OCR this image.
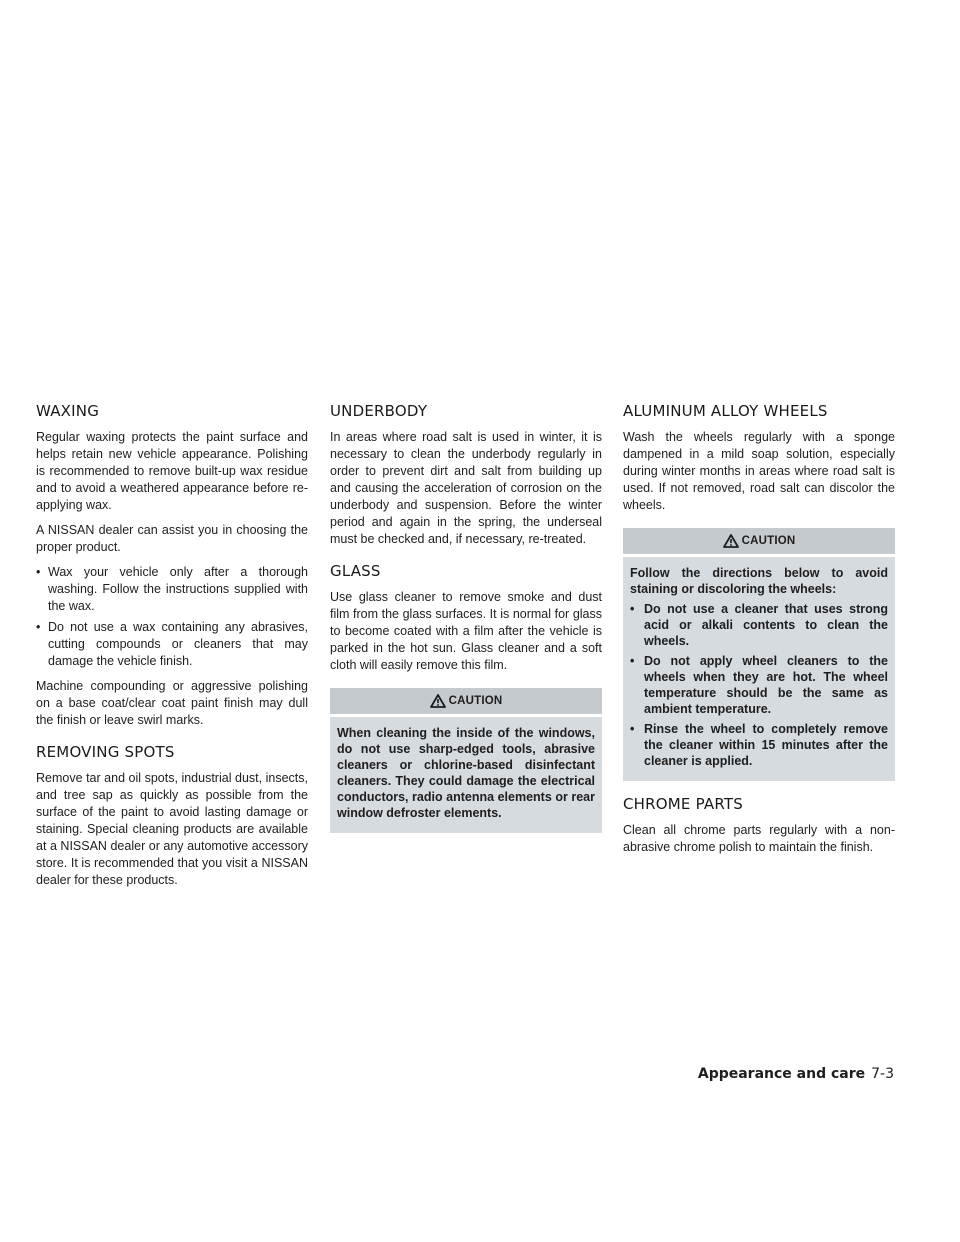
WAXING

Regular waxing protects the paint surface and helps retain new vehicle appearance. Polishing is recommended to remove built-up wax residue and to avoid a weathered appearance before re-applying wax.

A NISSAN dealer can assist you in choosing the proper product.

• Wax your vehicle only after a thorough washing. Follow the instructions supplied with the wax.
• Do not use a wax containing any abrasives, cutting compounds or cleaners that may damage the vehicle finish.

Machine compounding or aggressive polishing on a base coat/clear coat paint finish may dull the finish or leave swirl marks.

REMOVING SPOTS

Remove tar and oil spots, industrial dust, insects, and tree sap as quickly as possible from the surface of the paint to avoid lasting damage or staining. Special cleaning products are available at a NISSAN dealer or any automotive accessory store. It is recommended that you visit a NISSAN dealer for these products.

UNDERBODY

In areas where road salt is used in winter, it is necessary to clean the underbody regularly in order to prevent dirt and salt from building up and causing the acceleration of corrosion on the underbody and suspension. Before the winter period and again in the spring, the underseal must be checked and, if necessary, re-treated.

GLASS

Use glass cleaner to remove smoke and dust film from the glass surfaces. It is normal for glass to become coated with a film after the vehicle is parked in the hot sun. Glass cleaner and a soft cloth will easily remove this film.

CAUTION

When cleaning the inside of the windows, do not use sharp-edged tools, abrasive cleaners or chlorine-based disinfectant cleaners. They could damage the electrical conductors, radio antenna elements or rear window defroster elements.

ALUMINUM ALLOY WHEELS

Wash the wheels regularly with a sponge dampened in a mild soap solution, especially during winter months in areas where road salt is used. If not removed, road salt can discolor the wheels.

CAUTION

Follow the directions below to avoid staining or discoloring the wheels:

• Do not use a cleaner that uses strong acid or alkali contents to clean the wheels.
• Do not apply wheel cleaners to the wheels when they are hot. The wheel temperature should be the same as ambient temperature.
• Rinse the wheel to completely remove the cleaner within 15 minutes after the cleaner is applied.
CHROME PARTS

Clean all chrome parts regularly with a non-abrasive chrome polish to maintain the finish.

Appearance and care 7-3
